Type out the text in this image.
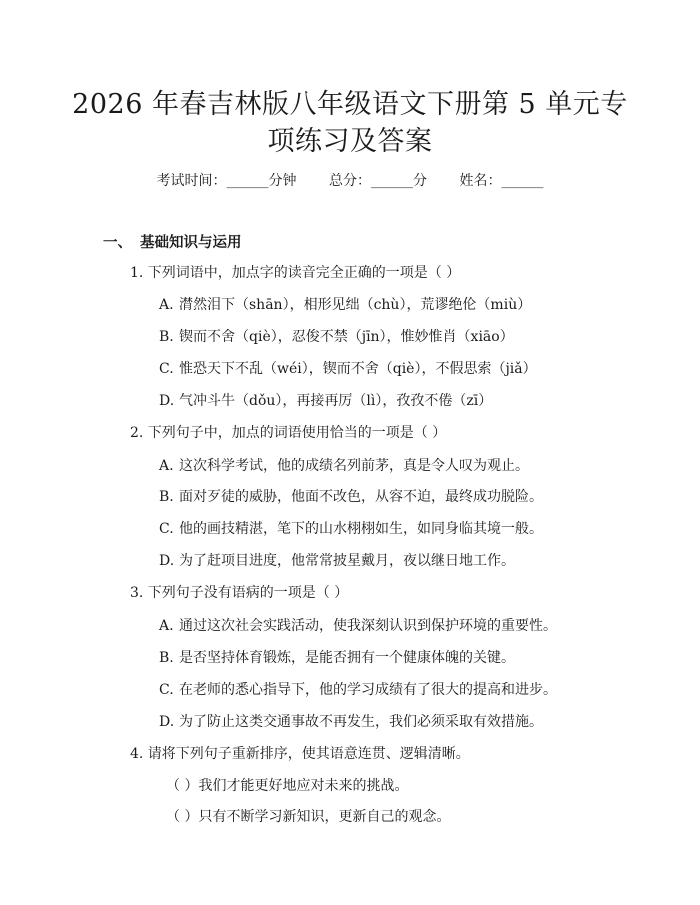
2026 年春吉林版八年级语文下册第 5 单元专
项练习及答案
考试时间：______分钟 总分：______分 姓名：______
一、 基础知识与运用
1. 下列词语中，加点字的读音完全正确的一项是（ ）
A. 潸然泪下（shān），相形见绌（chù），荒谬绝伦（miù）
B. 锲而不舍（qiè），忍俊不禁（jīn），惟妙惟肖（xiāo）
C. 惟恐天下不乱（wéi），锲而不舍（qiè），不假思索（jiǎ）
D. 气冲斗牛（dǒu），再接再厉（lì），孜孜不倦（zī）
2. 下列句子中，加点的词语使用恰当的一项是（ ）
A. 这次科学考试，他的成绩名列前茅，真是令人叹为观止。
B. 面对歹徒的威胁，他面不改色，从容不迫，最终成功脱险。
C. 他的画技精湛，笔下的山水栩栩如生，如同身临其境一般。
D. 为了赶项目进度，他常常披星戴月，夜以继日地工作。
3. 下列句子没有语病的一项是（ ）
A. 通过这次社会实践活动，使我深刻认识到保护环境的重要性。
B. 是否坚持体育锻炼，是能否拥有一个健康体魄的关键。
C. 在老师的悉心指导下，他的学习成绩有了很大的提高和进步。
D. 为了防止这类交通事故不再发生，我们必须采取有效措施。
4. 请将下列句子重新排序，使其语意连贯、逻辑清晰。
（ ）我们才能更好地应对未来的挑战。
（ ）只有不断学习新知识，更新自己的观念。
